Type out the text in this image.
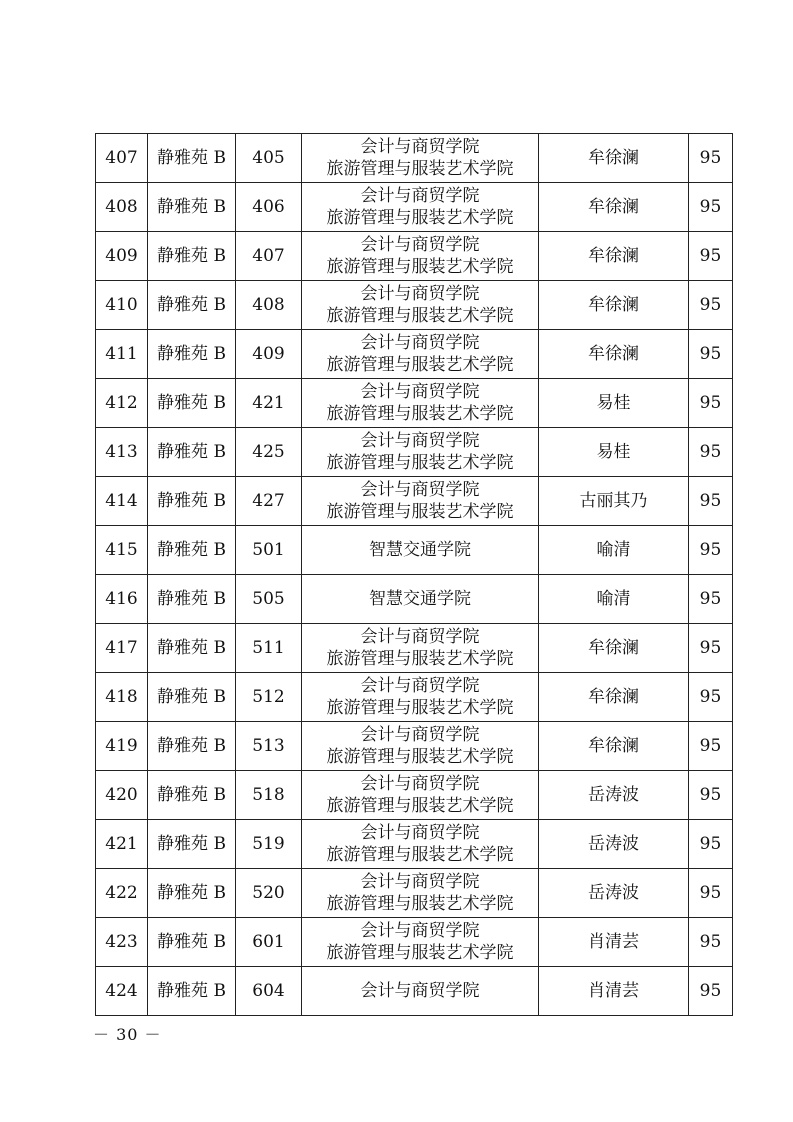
407	静雅苑 B	405	会计与商贸学院
旅游管理与服装艺术学院	牟徐澜	95
408	静雅苑 B	406	会计与商贸学院
旅游管理与服装艺术学院	牟徐澜	95
409	静雅苑 B	407	会计与商贸学院
旅游管理与服装艺术学院	牟徐澜	95
410	静雅苑 B	408	会计与商贸学院
旅游管理与服装艺术学院	牟徐澜	95
411	静雅苑 B	409	会计与商贸学院
旅游管理与服装艺术学院	牟徐澜	95
412	静雅苑 B	421	会计与商贸学院
旅游管理与服装艺术学院	易桂	95
413	静雅苑 B	425	会计与商贸学院
旅游管理与服装艺术学院	易桂	95
414	静雅苑 B	427	会计与商贸学院
旅游管理与服装艺术学院	古丽其乃	95
415	静雅苑 B	501	智慧交通学院	喻清	95
416	静雅苑 B	505	智慧交通学院	喻清	95
417	静雅苑 B	511	会计与商贸学院
旅游管理与服装艺术学院	牟徐澜	95
418	静雅苑 B	512	会计与商贸学院
旅游管理与服装艺术学院	牟徐澜	95
419	静雅苑 B	513	会计与商贸学院
旅游管理与服装艺术学院	牟徐澜	95
420	静雅苑 B	518	会计与商贸学院
旅游管理与服装艺术学院	岳涛波	95
421	静雅苑 B	519	会计与商贸学院
旅游管理与服装艺术学院	岳涛波	95
422	静雅苑 B	520	会计与商贸学院
旅游管理与服装艺术学院	岳涛波	95
423	静雅苑 B	601	会计与商贸学院
旅游管理与服装艺术学院	肖清芸	95
424	静雅苑 B	604	会计与商贸学院	肖清芸	95
－ 30 －
